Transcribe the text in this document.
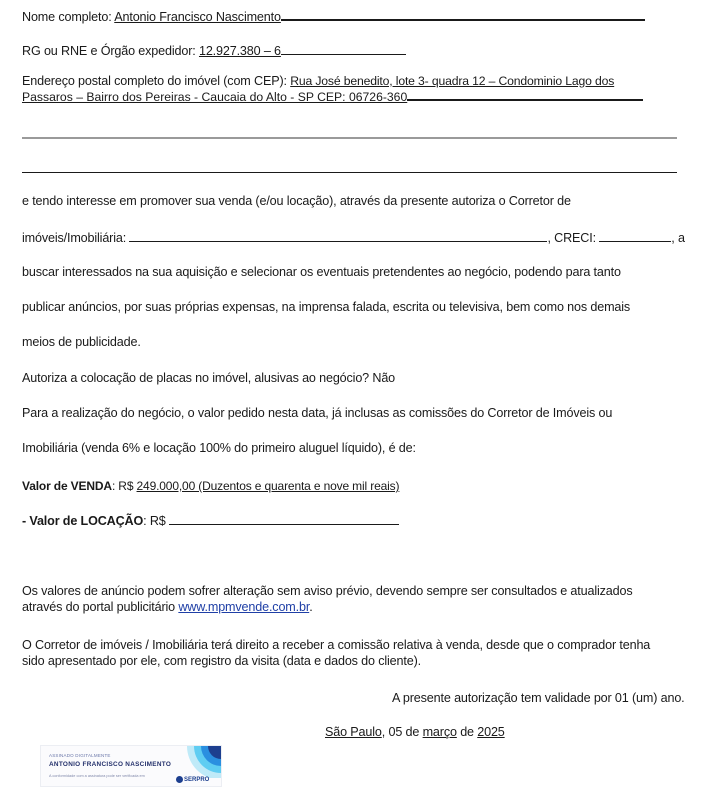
Nome completo: Antonio Francisco Nascimento
RG ou RNE e Órgão expedidor: 12.927.380 – 6
Endereço postal completo do imóvel (com CEP): Rua José benedito, lote 3- quadra 12 – Condominio Lago dos
Passaros – Bairro dos Pereiras - Caucaia do Alto - SP CEP: 06726-360
e tendo interesse em promover sua venda (e/ou locação), através da presente autoriza o Corretor de
imóveis/Imobiliária:	, CRECI:	, a
buscar interessados na sua aquisição e selecionar os eventuais pretendentes ao negócio, podendo para tanto
publicar anúncios, por suas próprias expensas, na imprensa falada, escrita ou televisiva, bem como nos demais
meios de publicidade.
Autoriza a colocação de placas no imóvel, alusivas ao negócio? Não
Para a realização do negócio, o valor pedido nesta data, já inclusas as comissões do Corretor de Imóveis ou
Imobiliária (venda 6% e locação 100% do primeiro aluguel líquido), é de:
Valor de VENDA: R$ 249.000,00 (Duzentos e quarenta e nove mil reais)
- Valor de LOCAÇÃO: R$
Os valores de anúncio podem sofrer alteração sem aviso prévio, devendo sempre ser consultados e atualizados
através do portal publicitário www.mpmvende.com.br.
O Corretor de imóveis / Imobiliária terá direito a receber a comissão relativa à venda, desde que o comprador tenha
sido apresentado por ele, com registro da visita (data e dados do cliente).
A presente autorização tem validade por 01 (um) ano.
São Paulo, 05 de março de 2025
ASSINADO DIGITALMENTE
ANTONIO FRANCISCO NASCIMENTO
A conformidade com a assinatura pode ser verificada em
SERPRO
